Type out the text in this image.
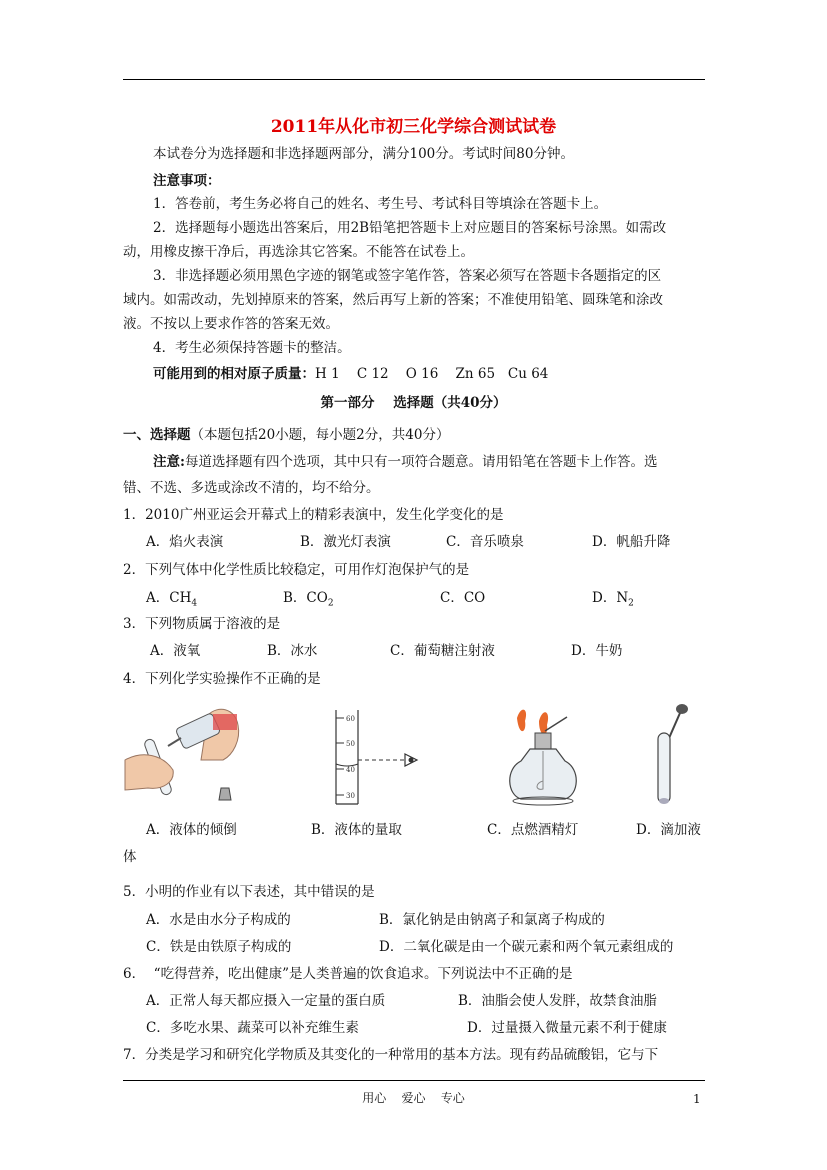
2011年从化市初三化学综合测试试卷
本试卷分为选择题和非选择题两部分，满分100分。考试时间80分钟。
注意事项：
1．答卷前，考生务必将自己的姓名、考生号、考试科目等填涂在答题卡上。
2．选择题每小题选出答案后，用2B铅笔把答题卡上对应题目的答案标号涂黑。如需改
动，用橡皮擦干净后，再选涂其它答案。不能答在试卷上。
3．非选择题必须用黑色字迹的钢笔或签字笔作答，答案必须写在答题卡各题指定的区
域内。如需改动，先划掉原来的答案，然后再写上新的答案；不准使用铅笔、圆珠笔和涂改
液。不按以上要求作答的答案无效。
4．考生必须保持答题卡的整洁。
可能用到的相对原子质量：H 1    C 12    O 16    Zn 65   Cu 64
第一部分    选择题（共40分）
一、选择题（本题包括20小题，每小题2分，共40分）
注意:每道选择题有四个选项，其中只有一项符合题意。请用铅笔在答题卡上作答。选
错、不选、多选或涂改不清的，均不给分。
1．2010广州亚运会开幕式上的精彩表演中，发生化学变化的是
A．焰火表演	B．激光灯表演	C．音乐喷泉	D．帆船升降
2．下列气体中化学性质比较稳定，可用作灯泡保护气的是
A．$CH_4$	B．$CO_2$	C．CO	D．$N_2$
3．下列物质属于溶液的是
A．液氧	B．冰水	C．葡萄糖注射液	D．牛奶
4．下列化学实验操作不正确的是
60
50
40
30
A．液体的倾倒	B．液体的量取	C．点燃酒精灯	D．滴加液
体
5．小明的作业有以下表述，其中错误的是
A．水是由水分子构成的	B．氯化钠是由钠离子和氯离子构成的
C．铁是由铁原子构成的	D．二氧化碳是由一个碳元素和两个氧元素组成的
6．  “吃得营养，吃出健康”是人类普遍的饮食追求。下列说法中不正确的是
A．正常人每天都应摄入一定量的蛋白质	B．油脂会使人发胖，故禁食油脂
C．多吃水果、蔬菜可以补充维生素	D．过量摄入微量元素不利于健康
7．分类是学习和研究化学物质及其变化的一种常用的基本方法。现有药品硫酸铝，它与下
用心    爱心    专心	1
